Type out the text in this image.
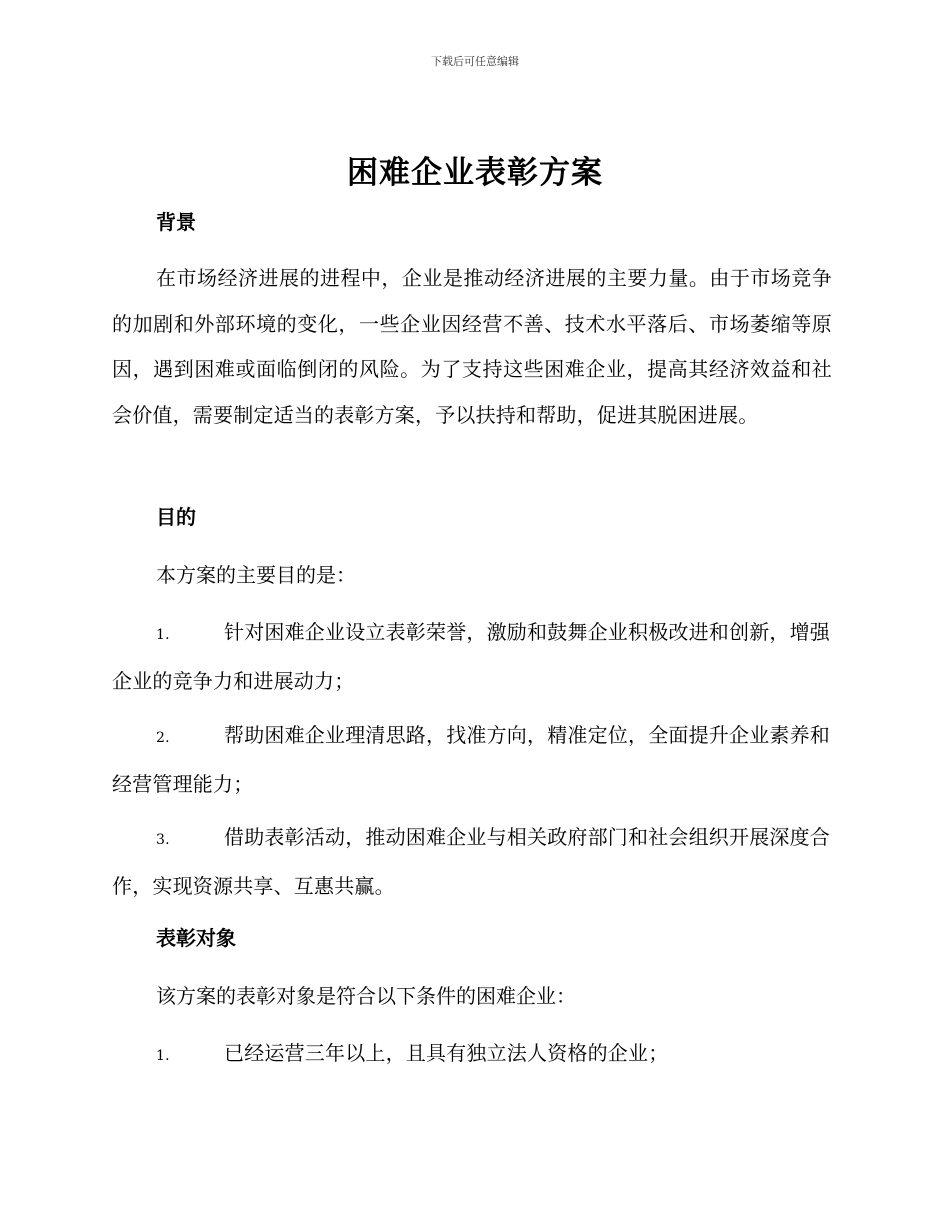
下载后可任意编辑
困难企业表彰方案
背景
在市场经济进展的进程中，企业是推动经济进展的主要力量。由于市场竞争的加剧和外部环境的变化，一些企业因经营不善、技术水平落后、市场萎缩等原因，遇到困难或面临倒闭的风险。为了支持这些困难企业，提高其经济效益和社会价值，需要制定适当的表彰方案，予以扶持和帮助，促进其脱困进展。
目的
本方案的主要目的是：
1.	针对困难企业设立表彰荣誉，激励和鼓舞企业积极改进和创新，增强企业的竞争力和进展动力；
2.	帮助困难企业理清思路，找准方向，精准定位，全面提升企业素养和经营管理能力；
3.	借助表彰活动，推动困难企业与相关政府部门和社会组织开展深度合作，实现资源共享、互惠共赢。
表彰对象
该方案的表彰对象是符合以下条件的困难企业：
1.	已经运营三年以上，且具有独立法人资格的企业；
